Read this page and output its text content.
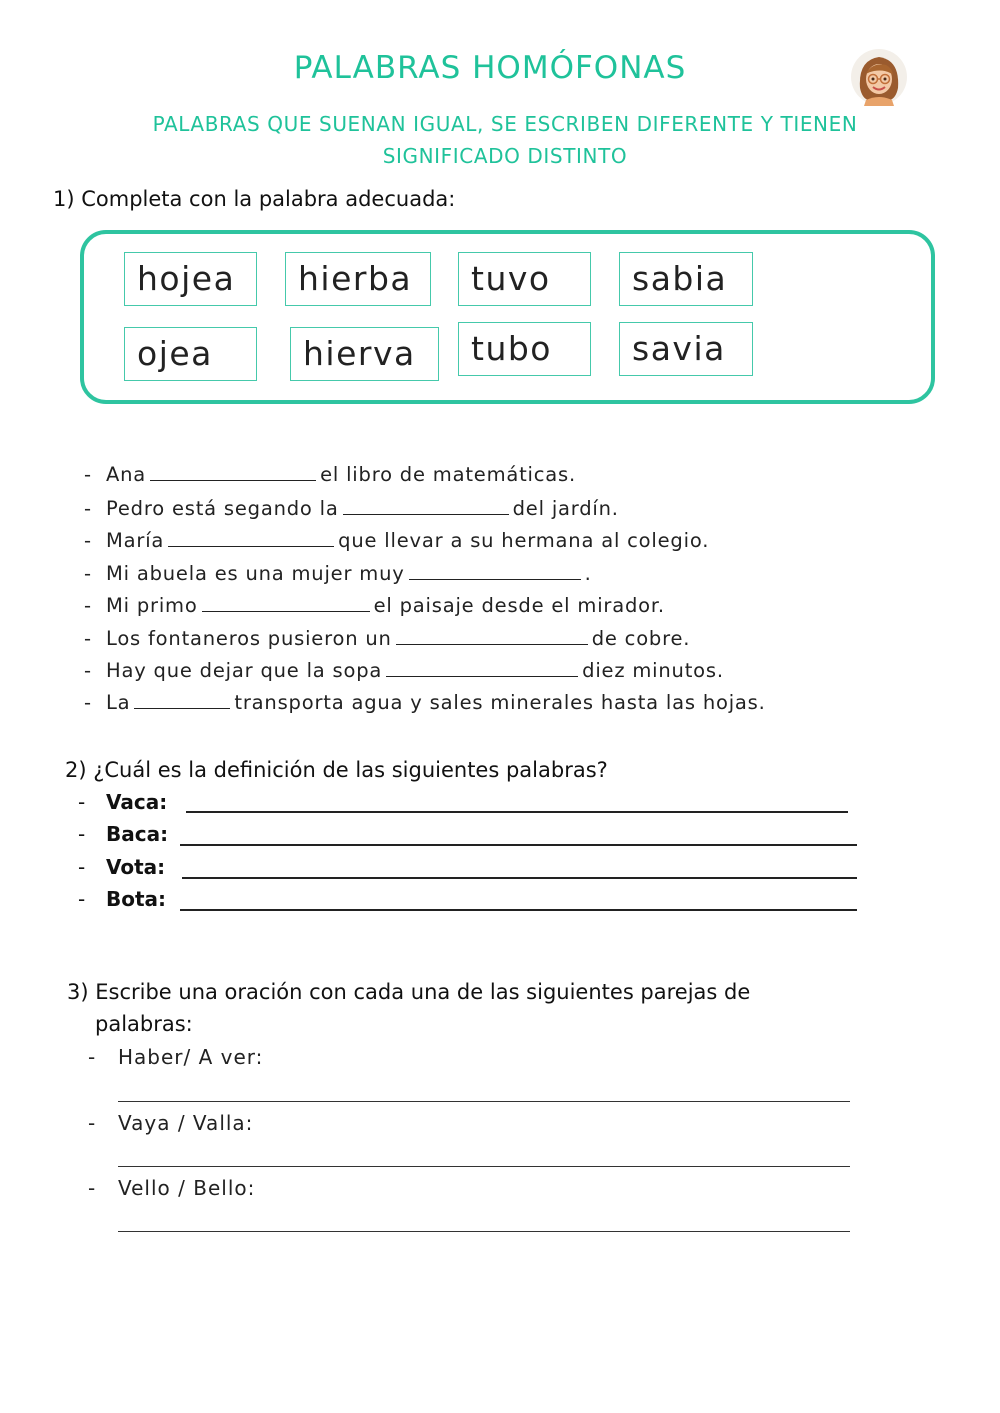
PALABRAS HOMÓFONAS
PALABRAS QUE SUENAN IGUAL, SE ESCRIBEN DIFERENTE Y TIENEN
SIGNIFICADO DISTINTO
1) Completa con la palabra adecuada:
hojea	hierba	tuvo	sabia
ojea	hierva	tubo	savia
- Ana	el libro de matemáticas.
- Pedro está segando la	del jardín.
- María	que llevar a su hermana al colegio.
- Mi abuela es una mujer muy	.
- Mi primo	el paisaje desde el mirador.
- Los fontaneros pusieron un	de cobre.
- Hay que dejar que la sopa	diez minutos.
- La	transporta agua y sales minerales hasta las hojas.
2) ¿Cuál es la definición de las siguientes palabras?
- Vaca:
- Baca:
- Vota:
- Bota:
3) Escribe una oración con cada una de las siguientes parejas de
palabras:
- Haber/ A ver:
- Vaya / Valla:
- Vello / Bello:
